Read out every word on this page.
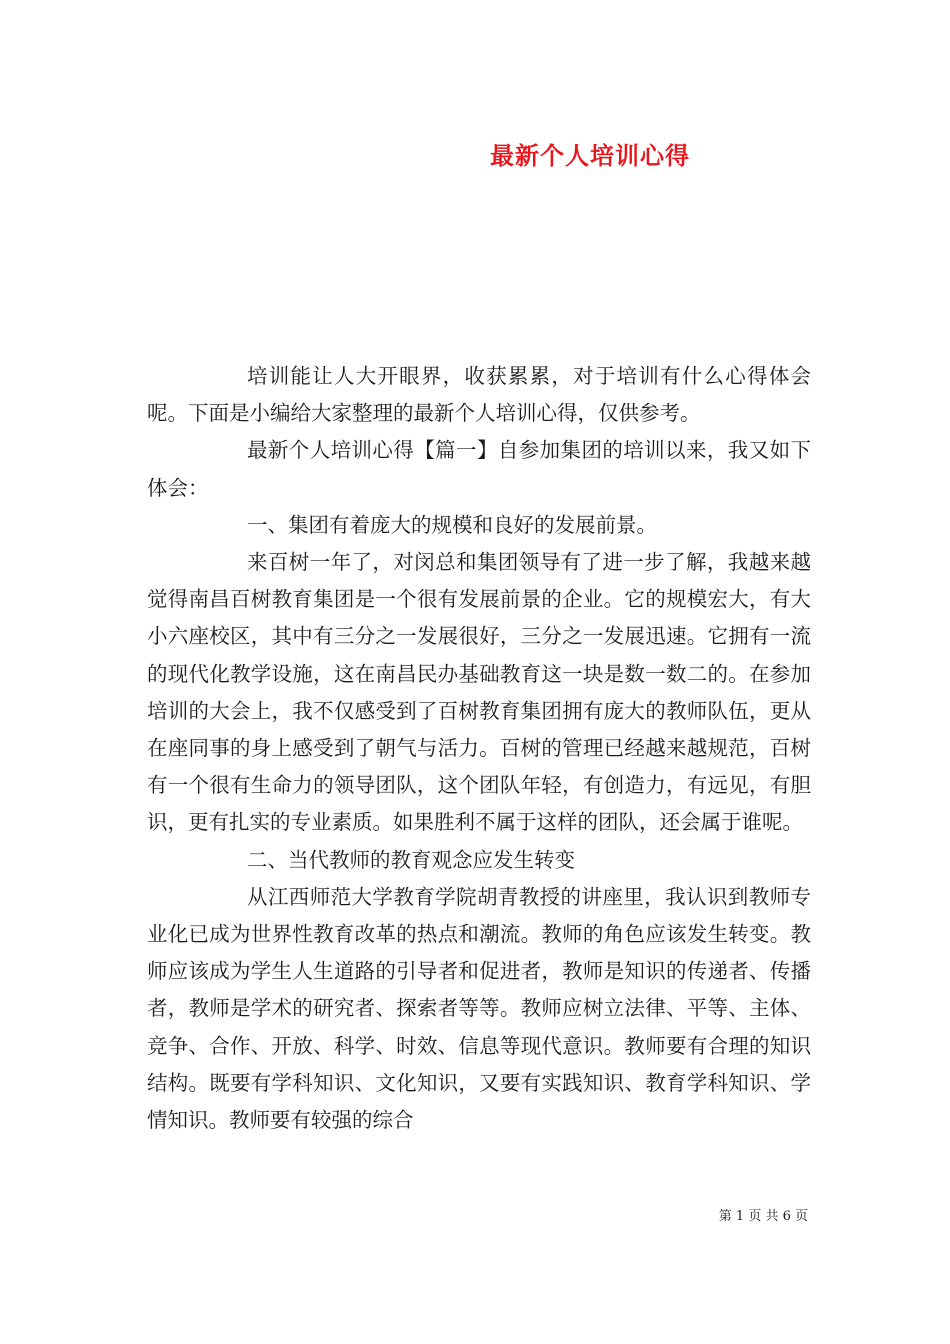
最新个人培训心得

培训能让人大开眼界，收获累累，对于培训有什么心得体会呢。下面是小编给大家整理的最新个人培训心得，仅供参考。

最新个人培训心得【篇一】自参加集团的培训以来，我又如下体会：

一、集团有着庞大的规模和良好的发展前景。

来百树一年了，对闵总和集团领导有了进一步了解，我越来越觉得南昌百树教育集团是一个很有发展前景的企业。它的规模宏大，有大小六座校区，其中有三分之一发展很好，三分之一发展迅速。它拥有一流的现代化教学设施，这在南昌民办基础教育这一块是数一数二的。在参加培训的大会上，我不仅感受到了百树教育集团拥有庞大的教师队伍，更从在座同事的身上感受到了朝气与活力。百树的管理已经越来越规范，百树有一个很有生命力的领导团队，这个团队年轻，有创造力，有远见，有胆识，更有扎实的专业素质。如果胜利不属于这样的团队，还会属于谁呢。

二、当代教师的教育观念应发生转变

从江西师范大学教育学院胡青教授的讲座里，我认识到教师专业化已成为世界性教育改革的热点和潮流。教师的角色应该发生转变。教师应该成为学生人生道路的引导者和促进者，教师是知识的传递者、传播者，教师是学术的研究者、探索者等等。教师应树立法律、平等、主体、竞争、合作、开放、科学、时效、信息等现代意识。教师要有合理的知识结构。既要有学科知识、文化知识，又要有实践知识、教育学科知识、学情知识。教师要有较强的综合

第 1 页 共 6 页
